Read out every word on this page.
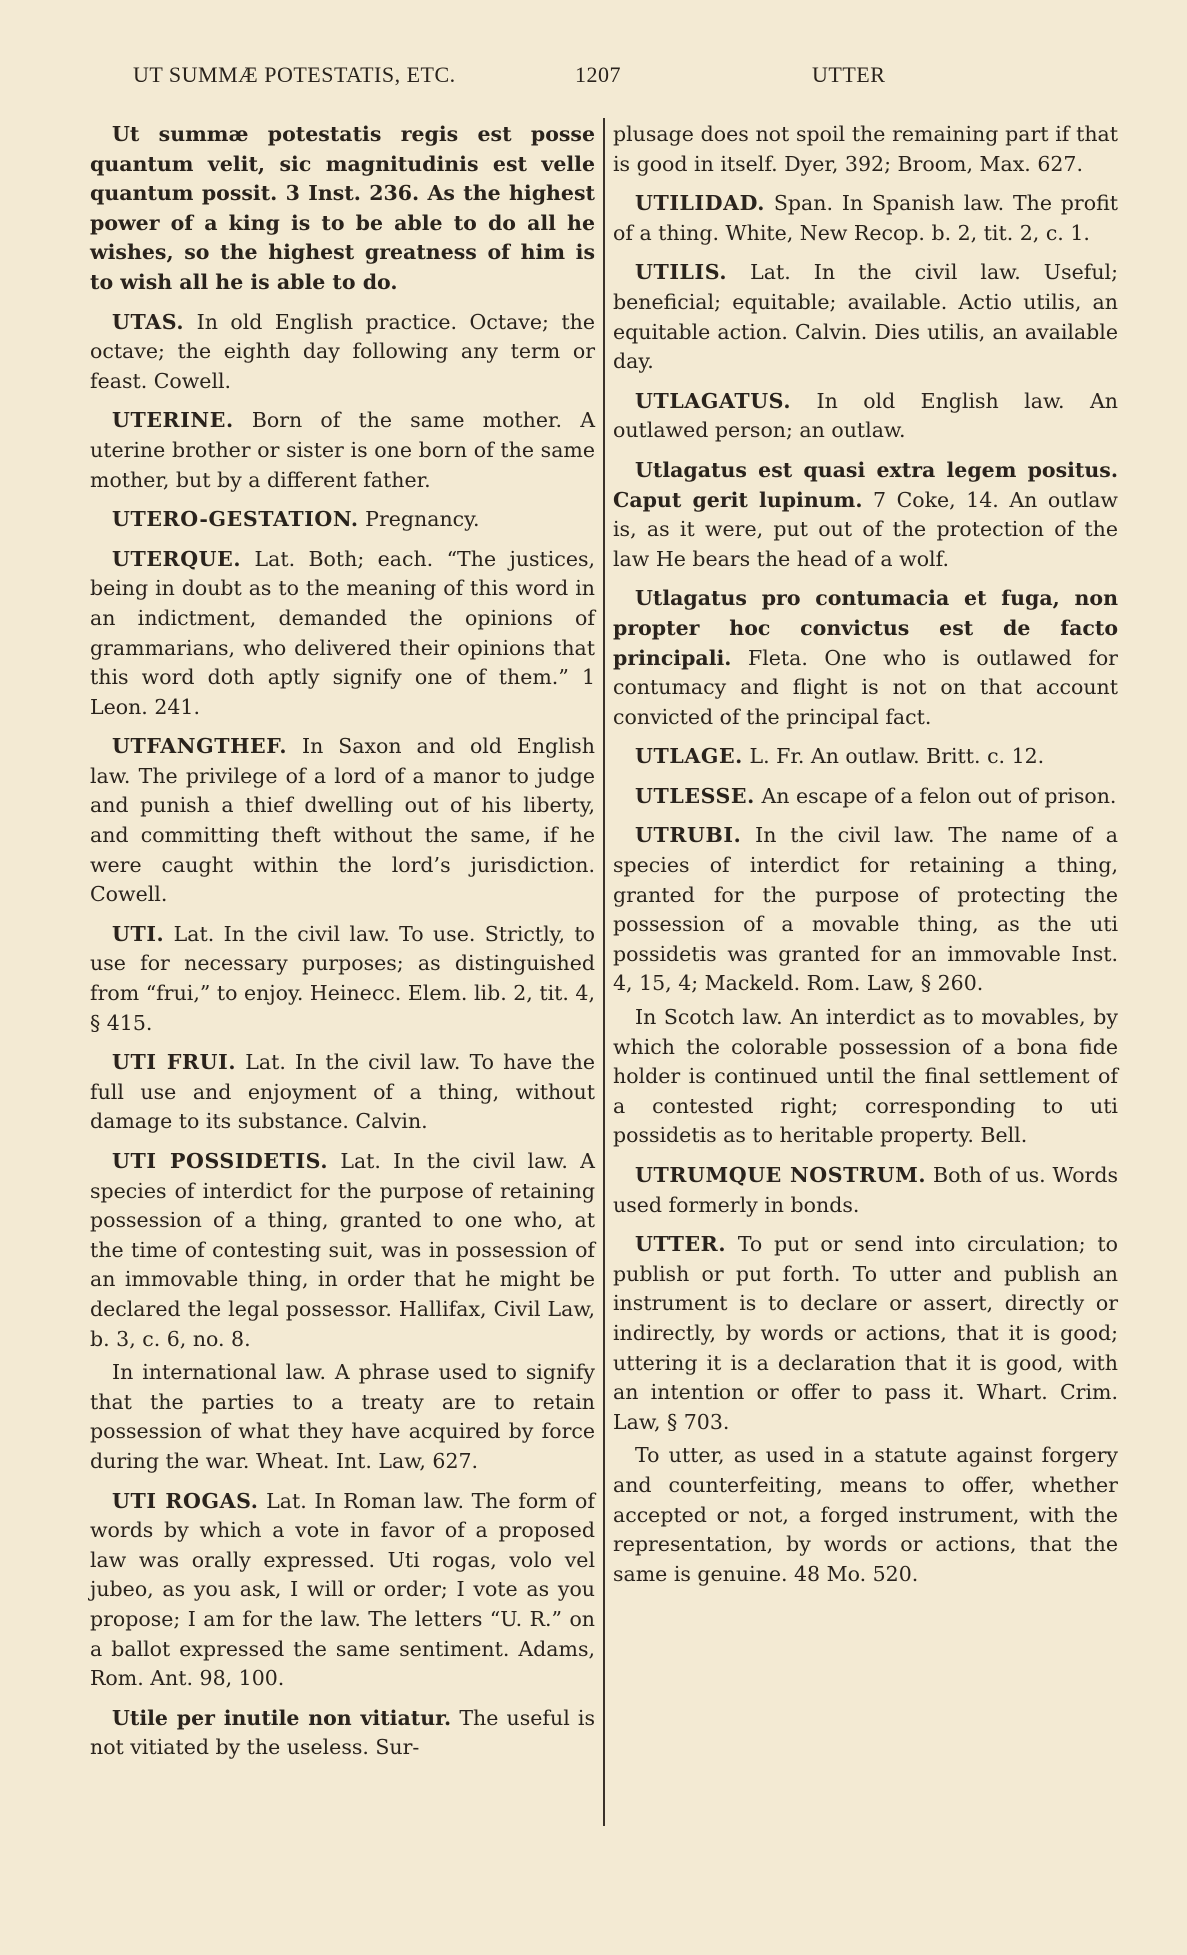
UT SUMMÆ POTESTATIS, ETC.	1207	UTTER

Ut summæ potestatis regis est posse quantum velit, sic magnitudinis est velle quantum possit. 3 Inst. 236. As the highest power of a king is to be able to do all he wishes, so the highest greatness of him is to wish all he is able to do.

UTAS. In old English practice. Octave; the octave; the eighth day following any term or feast. Cowell.

UTERINE. Born of the same mother. A uterine brother or sister is one born of the same mother, but by a different father.

UTERO-GESTATION. Pregnancy.

UTERQUE. Lat. Both; each. “The justices, being in doubt as to the meaning of this word in an indictment, demanded the opinions of grammarians, who delivered their opinions that this word doth aptly signify one of them.” 1 Leon. 241.

UTFANGTHEF. In Saxon and old English law. The privilege of a lord of a manor to judge and punish a thief dwelling out of his liberty, and committing theft without the same, if he were caught within the lord’s jurisdiction. Cowell.

UTI. Lat. In the civil law. To use. Strictly, to use for necessary purposes; as distinguished from “frui,” to enjoy. Heinecc. Elem. lib. 2, tit. 4, § 415.

UTI FRUI. Lat. In the civil law. To have the full use and enjoyment of a thing, without damage to its substance. Calvin.

UTI POSSIDETIS. Lat. In the civil law. A species of interdict for the purpose of retaining possession of a thing, granted to one who, at the time of contesting suit, was in possession of an immovable thing, in order that he might be declared the legal possessor. Hallifax, Civil Law, b. 3, c. 6, no. 8.

In international law. A phrase used to signify that the parties to a treaty are to retain possession of what they have acquired by force during the war. Wheat. Int. Law, 627.

UTI ROGAS. Lat. In Roman law. The form of words by which a vote in favor of a proposed law was orally expressed. Uti rogas, volo vel jubeo, as you ask, I will or order; I vote as you propose; I am for the law. The letters “U. R.” on a ballot expressed the same sentiment. Adams, Rom. Ant. 98, 100.

Utile per inutile non vitiatur. The useful is not vitiated by the useless. Sur-

plusage does not spoil the remaining part if that is good in itself. Dyer, 392; Broom, Max. 627.

UTILIDAD. Span. In Spanish law. The profit of a thing. White, New Recop. b. 2, tit. 2, c. 1.

UTILIS. Lat. In the civil law. Useful; beneficial; equitable; available. Actio utilis, an equitable action. Calvin. Dies utilis, an available day.

UTLAGATUS. In old English law. An outlawed person; an outlaw.

Utlagatus est quasi extra legem positus. Caput gerit lupinum. 7 Coke, 14. An outlaw is, as it were, put out of the protection of the law He bears the head of a wolf.

Utlagatus pro contumacia et fuga, non propter hoc convictus est de facto principali. Fleta. One who is outlawed for contumacy and flight is not on that account convicted of the principal fact.

UTLAGE. L. Fr. An outlaw. Britt. c. 12.

UTLESSE. An escape of a felon out of prison.

UTRUBI. In the civil law. The name of a species of interdict for retaining a thing, granted for the purpose of protecting the possession of a movable thing, as the uti possidetis was granted for an immovable Inst. 4, 15, 4; Mackeld. Rom. Law, § 260.

In Scotch law. An interdict as to movables, by which the colorable possession of a bona fide holder is continued until the final settlement of a contested right; corresponding to uti possidetis as to heritable property. Bell.

UTRUMQUE NOSTRUM. Both of us. Words used formerly in bonds.

UTTER. To put or send into circulation; to publish or put forth. To utter and publish an instrument is to declare or assert, directly or indirectly, by words or actions, that it is good; uttering it is a declaration that it is good, with an intention or offer to pass it. Whart. Crim. Law, § 703.

To utter, as used in a statute against forgery and counterfeiting, means to offer, whether accepted or not, a forged instrument, with the representation, by words or actions, that the same is genuine. 48 Mo. 520.
